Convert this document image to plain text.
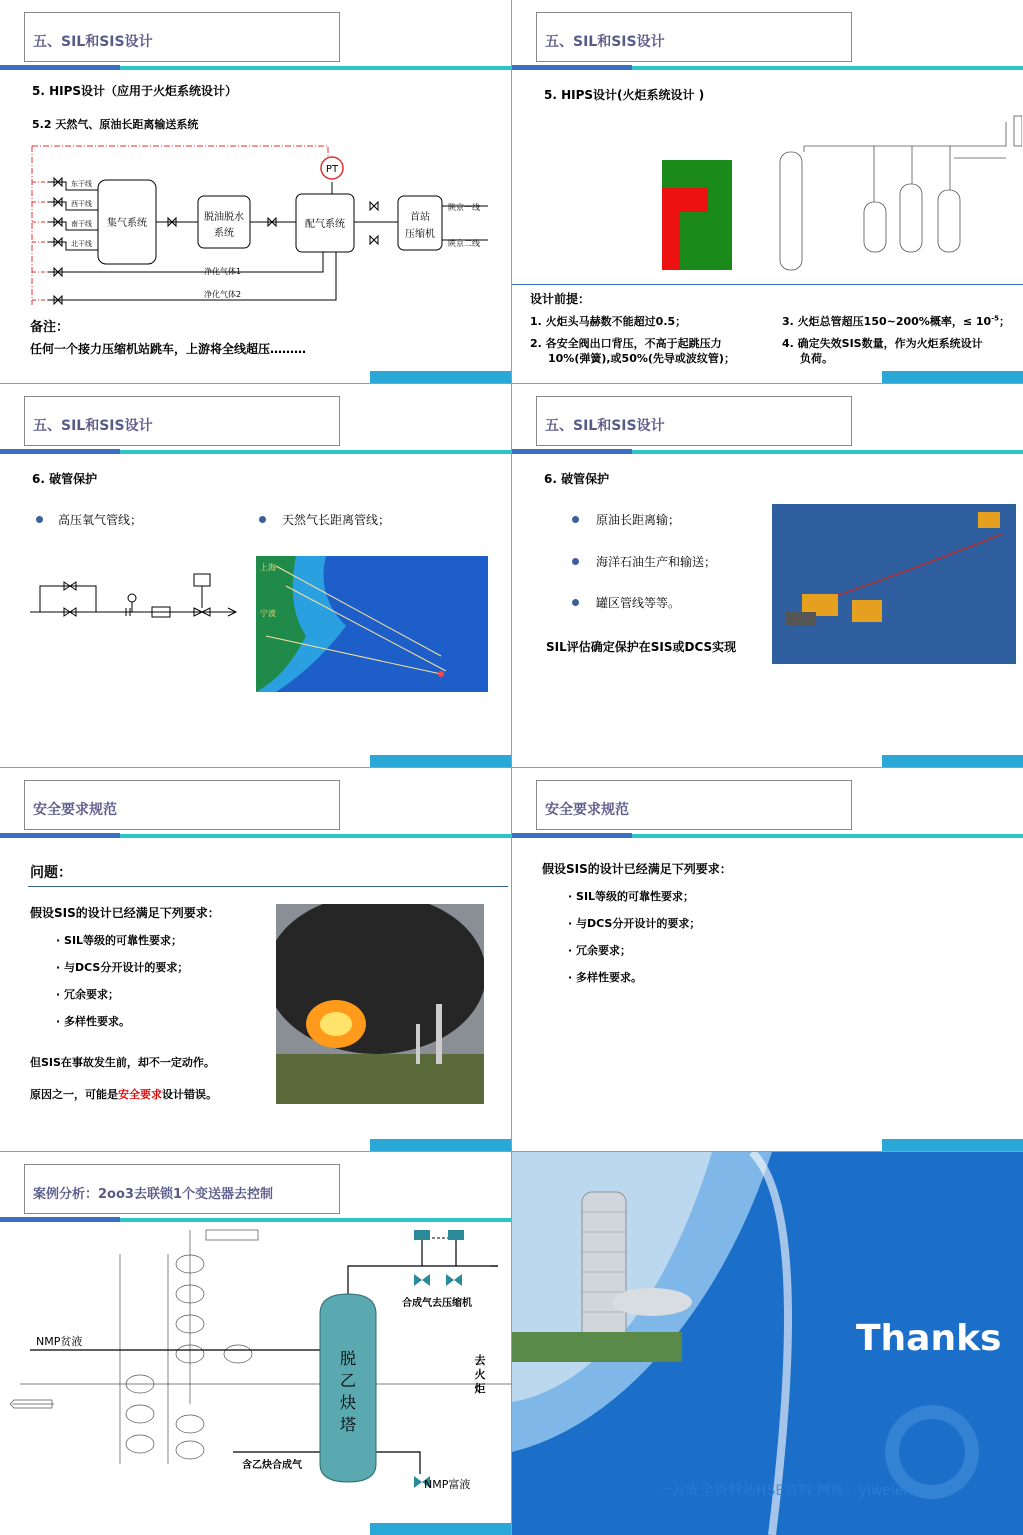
五、SIL和SIS设计
5. HIPS设计（应用于火炬系统设计）
5.2 天然气、原油长距离输送系统
PT
东干线
西干线
南干线
北干线
集气系统
脱油脱水
系统
配气系统
首站
压缩机
陕京一线
陕京二线
净化气体1
净化气体2
备注：
任何一个接力压缩机站跳车，上游将全线超压………
五、SIL和SIS设计
5. HIPS设计(火炬系统设计 )
设计前提：
1. 火炬头马赫数不能超过0.5；
2. 各安全阀出口背压，不高于起跳压力
10%(弹簧),或50%(先导或波纹管)；
3. 火炬总管超压150~200%概率，≤ $10^{-5}$；
4. 确定失效SIS数量，作为火炬系统设计
负荷。
五、SIL和SIS设计
6. 破管保护
高压氧气管线；	天然气长距离管线；
上海
宁波
五、SIL和SIS设计
6. 破管保护
原油长距离输；
海洋石油生产和输送；
罐区管线等等。
SIL评估确定保护在SIS或DCS实现
安全要求规范
问题：
假设SIS的设计已经满足下列要求：
· SIL等级的可靠性要求；
· 与DCS分开设计的要求；
· 冗余要求；
· 多样性要求。
但SIS在事故发生前，却不一定动作。
原因之一，可能是安全要求设计错误。
安全要求规范
假设SIS的设计已经满足下列要求：
· SIL等级的可靠性要求；
· 与DCS分开设计的要求；
· 冗余要求；
· 多样性要求。
案例分析：2oo3去联锁1个变送器去控制
脱
乙
炔
塔
NMP贫液
合成气去压缩机
去
火
炬
含乙炔合成气
NMP富液
Thanks
一万安全资料站HSE资料 网址：yiweiehs.cn
